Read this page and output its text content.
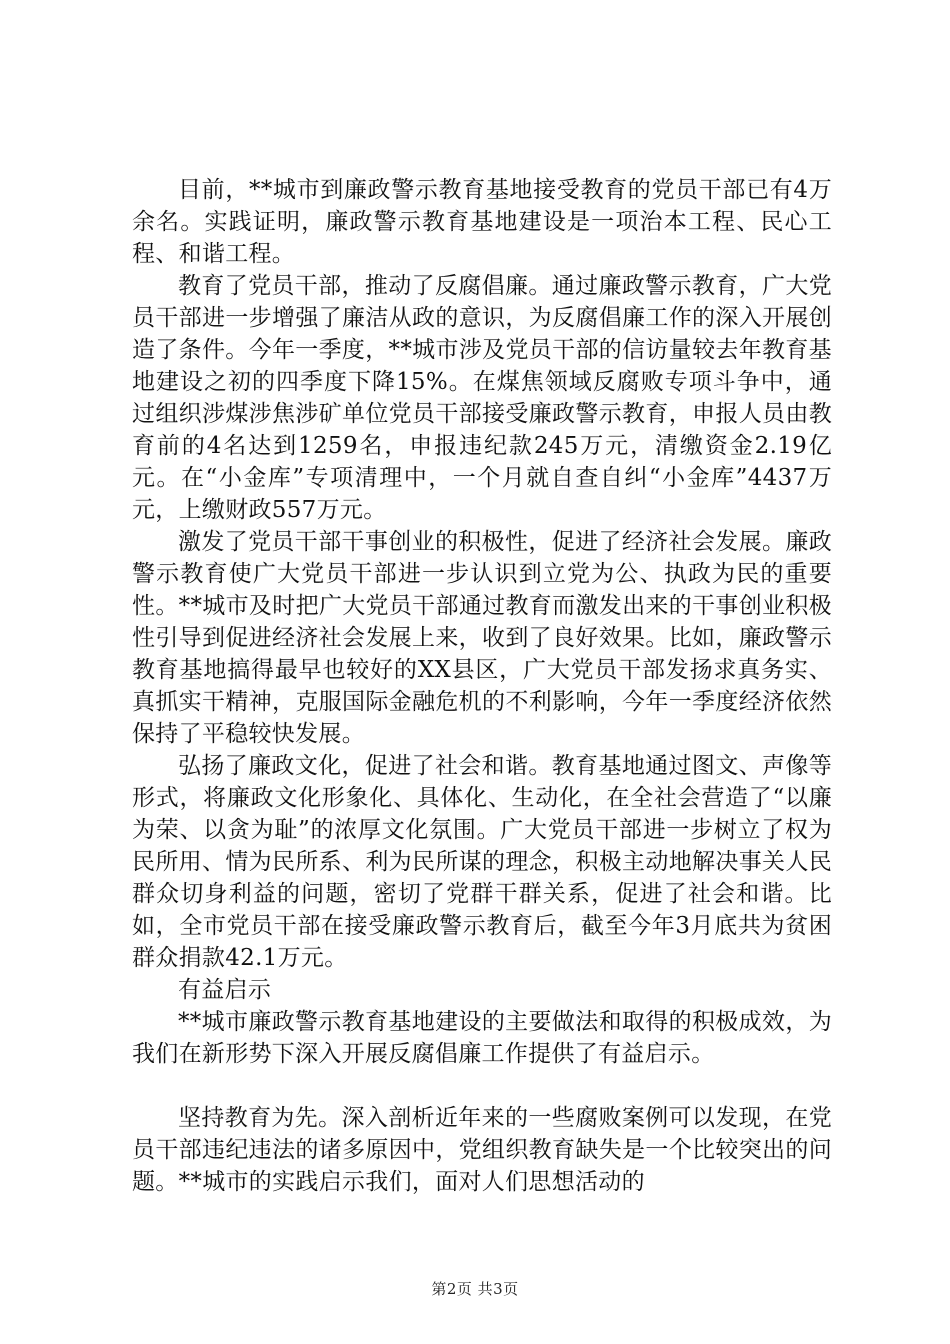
目前，**城市到廉政警示教育基地接受教育的党员干部已有4万余名。实践证明，廉政警示教育基地建设是一项治本工程、民心工程、和谐工程。

教育了党员干部，推动了反腐倡廉。通过廉政警示教育，广大党员干部进一步增强了廉洁从政的意识，为反腐倡廉工作的深入开展创造了条件。今年一季度，**城市涉及党员干部的信访量较去年教育基地建设之初的四季度下降15%。在煤焦领域反腐败专项斗争中，通过组织涉煤涉焦涉矿单位党员干部接受廉政警示教育，申报人员由教育前的4名达到1259名，申报违纪款245万元，清缴资金2.19亿元。在“小金库”专项清理中，一个月就自查自纠“小金库”4437万元，上缴财政557万元。

激发了党员干部干事创业的积极性，促进了经济社会发展。廉政警示教育使广大党员干部进一步认识到立党为公、执政为民的重要性。**城市及时把广大党员干部通过教育而激发出来的干事创业积极性引导到促进经济社会发展上来，收到了良好效果。比如，廉政警示教育基地搞得最早也较好的XX县区，广大党员干部发扬求真务实、真抓实干精神，克服国际金融危机的不利影响，今年一季度经济依然保持了平稳较快发展。

弘扬了廉政文化，促进了社会和谐。教育基地通过图文、声像等形式，将廉政文化形象化、具体化、生动化，在全社会营造了“以廉为荣、以贪为耻”的浓厚文化氛围。广大党员干部进一步树立了权为民所用、情为民所系、利为民所谋的理念，积极主动地解决事关人民群众切身利益的问题，密切了党群干群关系，促进了社会和谐。比如，全市党员干部在接受廉政警示教育后，截至今年3月底共为贫困群众捐款42.1万元。

有益启示

**城市廉政警示教育基地建设的主要做法和取得的积极成效，为我们在新形势下深入开展反腐倡廉工作提供了有益启示。

坚持教育为先。深入剖析近年来的一些腐败案例可以发现，在党员干部违纪违法的诸多原因中，党组织教育缺失是一个比较突出的问题。**城市的实践启示我们，面对人们思想活动的

第2页 共3页
